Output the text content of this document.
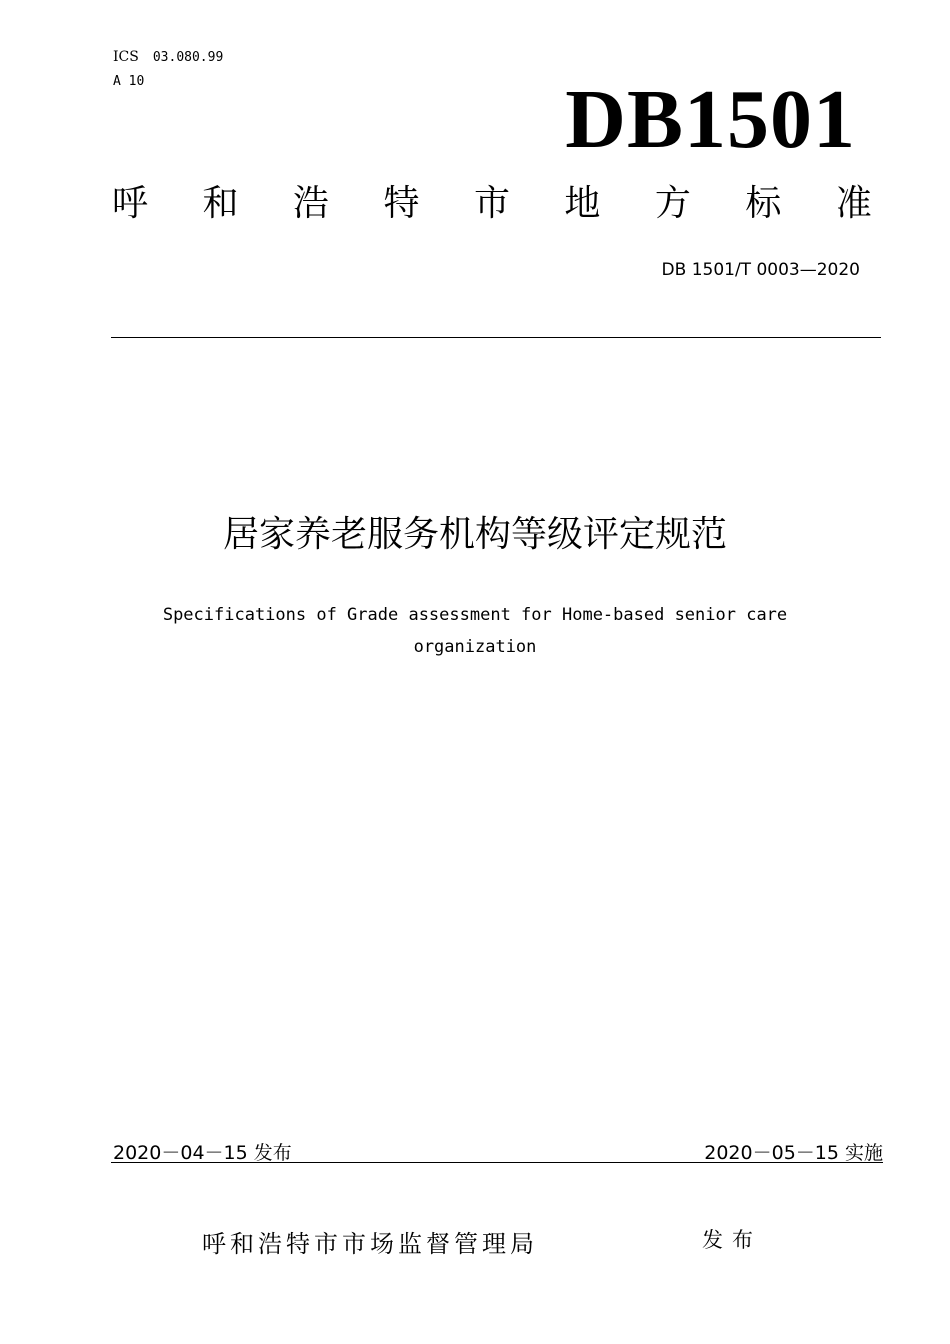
ICS 03.080.99
A 10	DB1501
呼 和 浩 特 市 地 方 标 准
DB 1501/T 0003—2020
居家养老服务机构等级评定规范
Specifications of Grade assessment for Home-based senior care
organization
2020－04－15 发布	2020－05－15 实施
呼和浩特市市场监督管理局	发布
